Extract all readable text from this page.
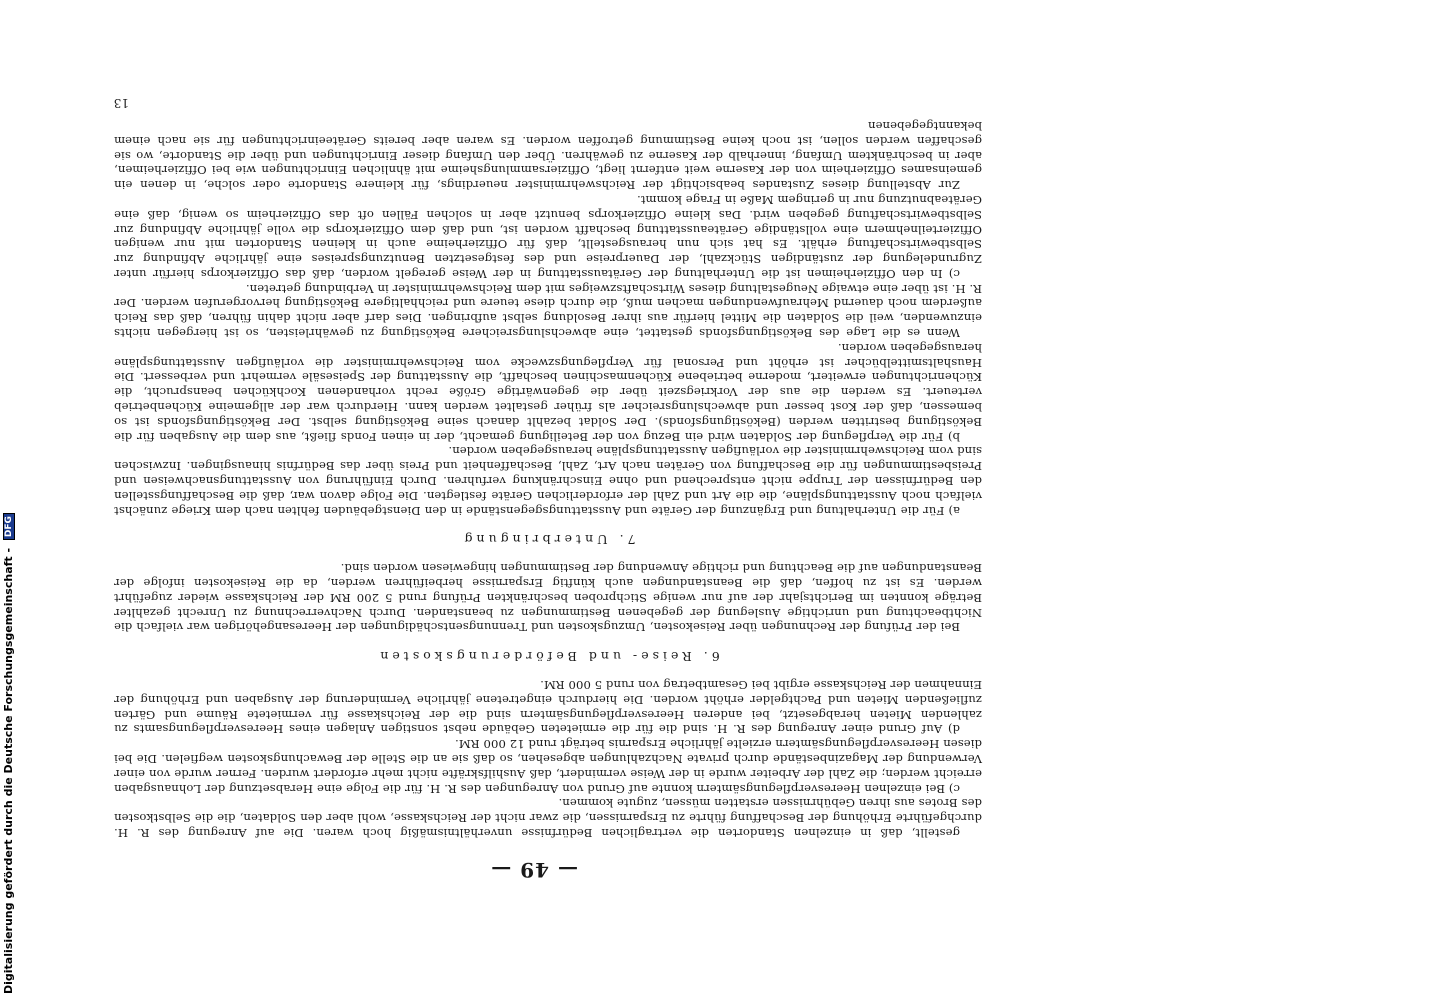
Digitalisierung gefördert durch die Deutsche Forschungsgemeinschaft - DFG
— 49 —

gestellt, daß in einzelnen Standorten die vertraglichen Bedürfnisse unverhältnismäßig hoch waren. Die auf Anregung des R. H. durchgeführte Erhöhung der Beschaffung führte zu Ersparnissen, die zwar nicht der Reichskasse, wohl aber den Soldaten, die die Selbstkosten des Brotes aus ihren Gebührnissen erstatten müssen, zugute kommen.

c) Bei einzelnen Heeresverpflegungsämtern konnte auf Grund von Anregungen des R. H. für die Folge eine Herabsetzung der Lohnausgaben erreicht werden; die Zahl der Arbeiter wurde in der Weise vermindert, daß Aushilfskräfte nicht mehr erfordert wurden. Ferner wurde von einer Verwendung der Magazinbestände durch private Nachzahlungen abgesehen, so daß sie an die Stelle der Bewachungskosten wegfielen. Die bei diesen Heeresverpflegungsämtern erzielte jährliche Ersparnis beträgt rund 12 000 RM.

d) Auf Grund einer Anregung des R. H. sind die für die ermieteten Gebäude nebst sonstigen Anlagen eines Heeresverpflegungsamts zu zahlenden Mieten herabgesetzt, bei anderen Heeresverpflegungsämtern sind die der Reichskasse für vermietete Räume und Gärten zufließenden Mieten und Pachtgelder erhöht worden. Die hierdurch eingetretene jährliche Verminderung der Ausgaben und Erhöhung der Einnahmen der Reichskasse ergibt bei Gesamtbetrag von rund 5 000 RM.

6. Reise- und Beförderungskosten

Bei der Prüfung der Rechnungen über Reisekosten, Umzugskosten und Trennungsentschädigungen der Heeresangehörigen war vielfach die Nichtbeachtung und unrichtige Auslegung der gegebenen Bestimmungen zu beanstanden. Durch Nachverrechnung zu Unrecht gezahlter Beträge konnten im Berichtsjahr der auf nur wenige Stichproben beschränkten Prüfung rund 5 200 RM der Reichskasse wieder zugeführt werden. Es ist zu hoffen, daß die Beanstandungen auch künftig Ersparnisse herbeiführen werden, da die Reisekosten infolge der Beanstandungen auf die Beachtung und richtige Anwendung der Bestimmungen hingewiesen worden sind.

7. Unterbringung

a) Für die Unterhaltung und Ergänzung der Geräte und Ausstattungsgegenstände in den Dienstgebäuden fehlten nach dem Kriege zunächst vielfach noch Ausstattungspläne, die die Art und Zahl der erforderlichen Geräte festlegten. Die Folge davon war, daß die Beschaffungsstellen den Bedürfnissen der Truppe nicht entsprechend und ohne Einschränkung verfuhren. Durch Einführung von Ausstattungsnachweisen und Preisbestimmungen für die Beschaffung von Geräten nach Art, Zahl, Beschaffenheit und Preis über das Bedürfnis hinausgingen. Inzwischen sind vom Reichswehrminister die vorläufigen Ausstattungspläne herausgegeben worden.

b) Für die Verpflegung der Soldaten wird ein Bezug von der Beteiligung gemacht, der in einen Fonds fließt, aus dem die Ausgaben für die Beköstigung bestritten werden (Beköstigungsfonds). Der Soldat bezahlt danach seine Beköstigung selbst. Der Beköstigungsfonds ist so bemessen, daß der Kost besser und abwechslungsreicher als früher gestaltet werden kann. Hierdurch war der allgemeine Küchenbetrieb verteuert. Es werden die aus der Vorkriegszeit über die gegenwärtige Größe recht vorhandenen Kochküchen beansprucht, die Küchenrichtungen erweitert, moderne betriebene Küchenmaschinen beschafft, die Ausstattung der Speisesäle vermehrt und verbessert. Die Haushaltsmittelbücher ist erhöht und Personal für Verpflegungszwecke vom Reichswehrminister die vorläufigen Ausstattungspläne herausgegeben worden.

Wenn es die Lage des Beköstigungsfonds gestattet, eine abwechslungsreichere Beköstigung zu gewährleisten, so ist hiergegen nichts einzuwenden, weil die Soldaten die Mittel hierfür aus ihrer Besoldung selbst aufbringen. Dies darf aber nicht dahin führen, daß das Reich außerdem noch dauernd Mehraufwendungen machen muß, die durch diese teuere und reichhaltigere Beköstigung hervorgerufen werden. Der R. H. ist über eine etwaige Neugestaltung dieses Wirtschaftszweiges mit dem Reichswehrminister in Verbindung getreten.

c) In den Offizierheimen ist die Unterhaltung der Gerätausstattung in der Weise geregelt worden, daß das Offizierkorps hierfür unter Zugrundelegung der zuständigen Stückzahl, der Dauerpreise und des festgesetzten Benutzungspreises eine jährliche Abfindung zur Selbstbewirtschaftung erhält. Es hat sich nun herausgestellt, daß für Offizierheime auch in kleinen Standorten mit nur wenigen Offizierteilnehmern eine vollständige Geräteausstattung beschafft worden ist, und daß dem Offizierkorps die volle jährliche Abfindung zur Selbstbewirtschaftung gegeben wird. Das kleine Offizierkorps benutzt aber in solchen Fällen oft das Offizierheim so wenig, daß eine Geräteabnutzung nur in geringem Maße in Frage kommt.

Zur Abstellung dieses Zustandes beabsichtigt der Reichswehrminister neuerdings, für kleinere Standorte oder solche, in denen ein gemeinsames Offizierheim von der Kaserne weit entfernt liegt, Offiziersammlungsheime mit ähnlichen Einrichtungen wie bei Offizierheimen, aber in beschränktem Umfang, innerhalb der Kaserne zu gewähren. Über den Umfang dieser Einrichtungen und über die Standorte, wo sie geschaffen werden sollen, ist noch keine Bestimmung getroffen worden. Es waren aber bereits Geräteeinrichtungen für sie nach einem bekanntgegebenen

13
